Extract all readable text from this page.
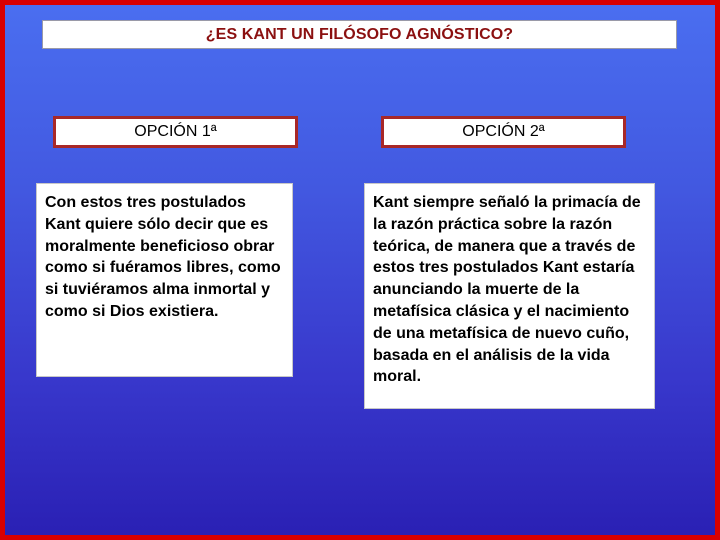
¿ES KANT UN FILÓSOFO AGNÓSTICO?
OPCIÓN 1ª	OPCIÓN 2ª
Con estos tres postulados Kant quiere sólo decir que es moralmente beneficioso obrar como si fuéramos libres, como si tuviéramos alma inmortal y como si Dios existiera.
Kant siempre señaló la primacía de la razón práctica sobre la razón teórica, de manera que a través de estos tres postulados Kant estaría anunciando la muerte de la metafísica clásica y el nacimiento de una metafísica de nuevo cuño, basada en el análisis de la vida moral.
